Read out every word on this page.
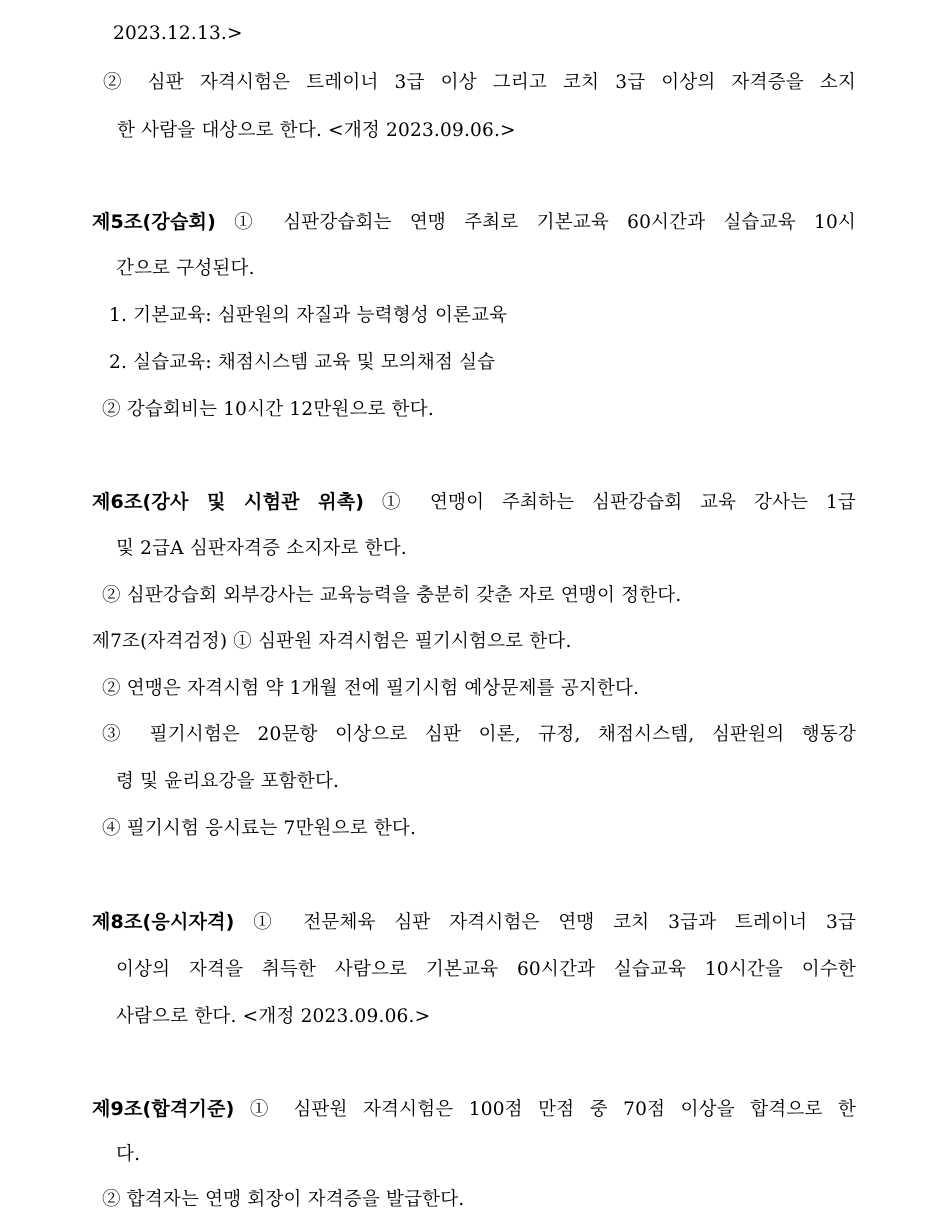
2023.12.13.>
② 심판 자격시험은 트레이너 3급 이상 그리고 코치 3급 이상의 자격증을 소지
한 사람을 대상으로 한다. <개정 2023.09.06.>
제5조(강습회) ① 심판강습회는 연맹 주최로 기본교육 60시간과 실습교육 10시
간으로 구성된다.
1. 기본교육: 심판원의 자질과 능력형성 이론교육
2. 실습교육: 채점시스템 교육 및 모의채점 실습
② 강습회비는 10시간 12만원으로 한다.
제6조(강사 및 시험관 위촉) ① 연맹이 주최하는 심판강습회 교육 강사는 1급
및 2급A 심판자격증 소지자로 한다.
② 심판강습회 외부강사는 교육능력을 충분히 갖춘 자로 연맹이 정한다.
제7조(자격검정) ① 심판원 자격시험은 필기시험으로 한다.
② 연맹은 자격시험 약 1개월 전에 필기시험 예상문제를 공지한다.
③ 필기시험은 20문항 이상으로 심판 이론, 규정, 채점시스템, 심판원의 행동강
령 및 윤리요강을 포함한다.
④ 필기시험 응시료는 7만원으로 한다.
제8조(응시자격) ① 전문체육 심판 자격시험은 연맹 코치 3급과 트레이너 3급
이상의 자격을 취득한 사람으로 기본교육 60시간과 실습교육 10시간을 이수한
사람으로 한다. <개정 2023.09.06.>
제9조(합격기준) ① 심판원 자격시험은 100점 만점 중 70점 이상을 합격으로 한
다.
② 합격자는 연맹 회장이 자격증을 발급한다.
